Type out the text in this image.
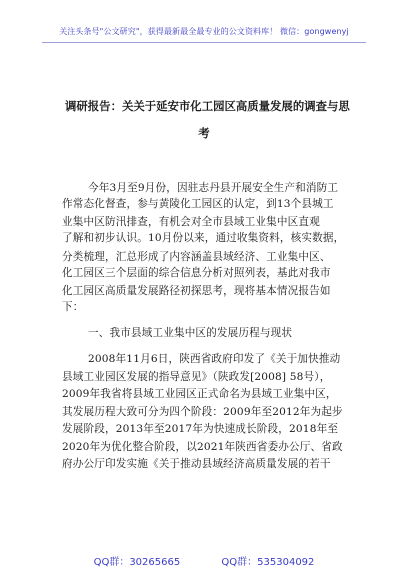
关注头条号"公文研究"，获得最新最全最专业的公文资料库！ 微信：gongwenyj
调研报告：关关于延安市化工园区高质量发展的调查与思
考
今年3月至9月份，因驻志丹县开展安全生产和消防工
作常态化督查，参与黄陵化工园区的认定，到13个县城工
业集中区防汛排查，有机会对全市县域工业集中区直观
了解和初步认识。10月份以来，通过收集资料，核实数据，
分类梳理，汇总形成了内容涵盖县域经济、工业集中区、
化工园区三个层面的综合信息分析对照列表，基此对我市
化工园区高质量发展路径初探思考，现将基本情况报告如
下：
一、我市县域工业集中区的发展历程与现状
2008年11月6日，陕西省政府印发了《关于加快推动
县域工业园区发展的指导意见》（陕政发[2008] 58号），
2009年我省将县域工业园区正式命名为县域工业集中区，
其发展历程大致可分为四个阶段：2009年至2012年为起步
发展阶段，2013年至2017年为快速成长阶段，2018年至
2020年为优化整合阶段，以2021年陕西省委办公厅、省政
府办公厅印发实施《关于推动县域经济高质量发展的若干
QQ群：30265665	QQ群：535304092
